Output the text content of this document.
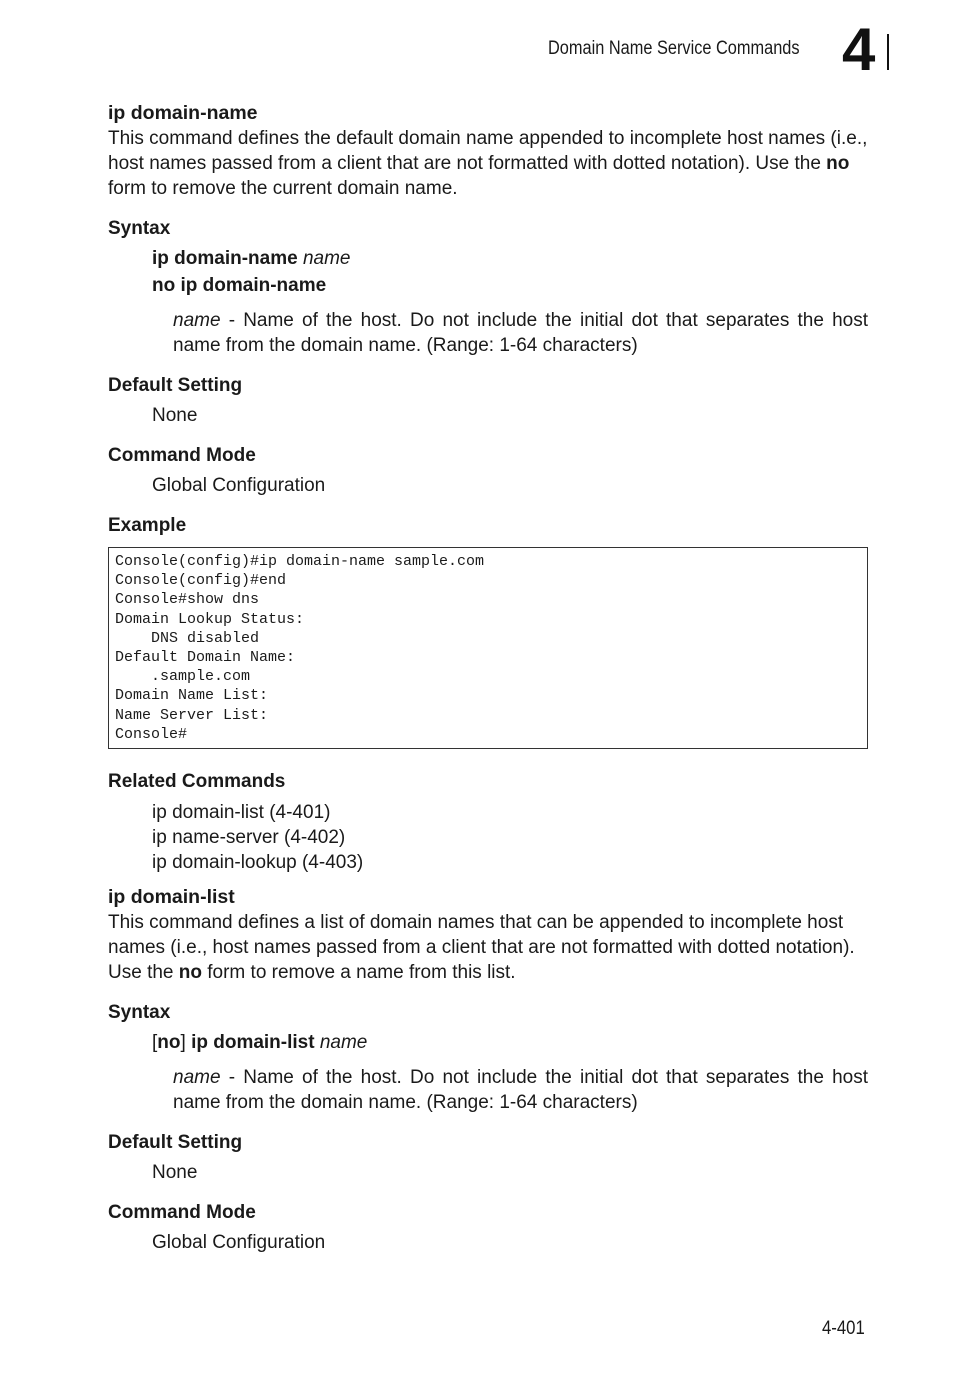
Domain Name Service Commands 4
ip domain-name

This command defines the default domain name appended to incomplete host names (i.e., host names passed from a client that are not formatted with dotted notation). Use the no form to remove the current domain name.

Syntax
ip domain-name name
no ip domain-name

name - Name of the host. Do not include the initial dot that separates the host name from the domain name. (Range: 1-64 characters)

Default Setting
None
Command Mode
Global Configuration
Example
Console(config)#ip domain-name sample.com
Console(config)#end
Console#show dns
Domain Lookup Status:
DNS disabled
Default Domain Name:
.sample.com
Domain Name List:
Name Server List:
Console#
Related Commands
ip domain-list (4-401)
ip name-server (4-402)
ip domain-lookup (4-403)
ip domain-list

This command defines a list of domain names that can be appended to incomplete host names (i.e., host names passed from a client that are not formatted with dotted notation). Use the no form to remove a name from this list.

Syntax
[no] ip domain-list name

name - Name of the host. Do not include the initial dot that separates the host name from the domain name. (Range: 1-64 characters)

Default Setting
None
Command Mode
Global Configuration
4-401
